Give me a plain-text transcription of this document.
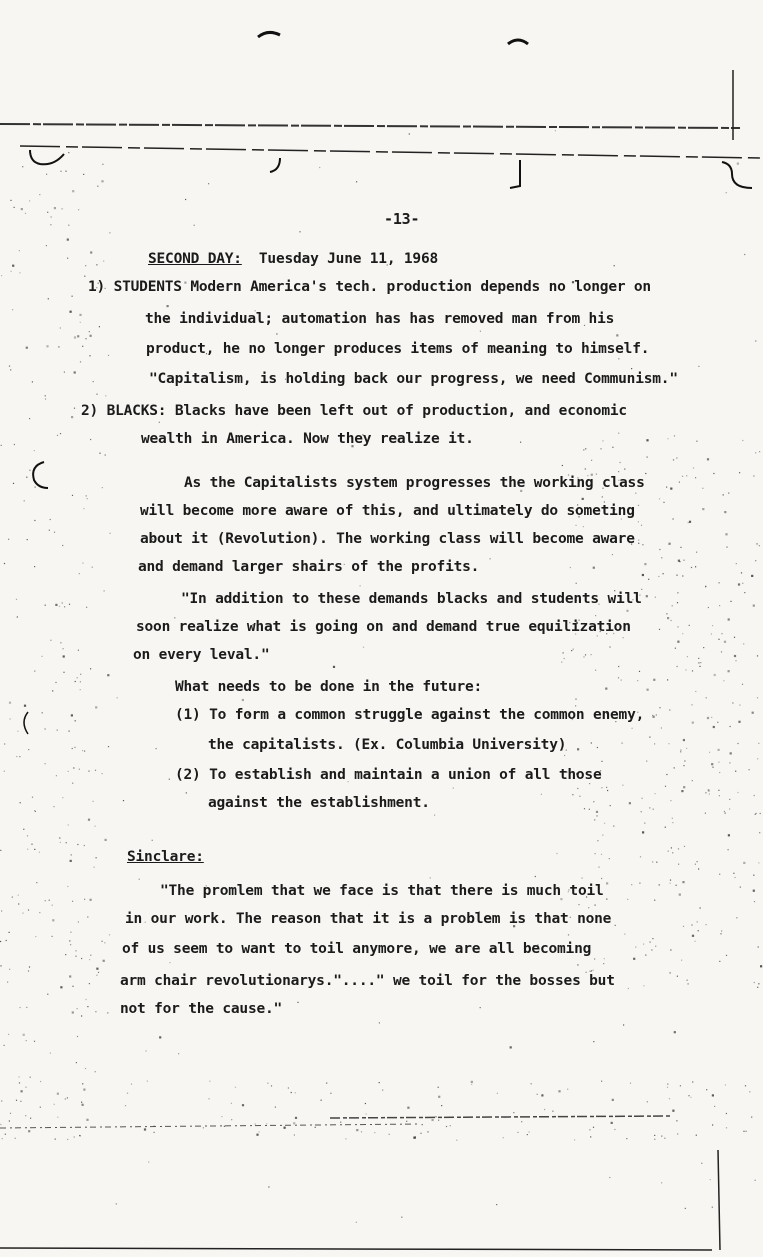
-13-
SECOND DAY: Tuesday June 11, 1968
1) STUDENTS Modern America's tech. production depends no longer on
the individual; automation has has removed man from his
product, he no longer produces items of meaning to himself.
"Capitalism, is holding back our progress, we need Communism."
2) BLACKS: Blacks have been left out of production, and economic
wealth in America. Now they realize it.
As the Capitalists system progresses the working class
will become more aware of this, and ultimately do someting
about it (Revolution). The working class will become aware
and demand larger shairs of the profits.
"In addition to these demands blacks and students will
soon realize what is going on and demand true equilization
on every leval."
What needs to be done in the future:
(1) To form a common struggle against the common enemy,
the capitalists. (Ex. Columbia University)
(2) To establish and maintain a union of all those
against the establishment.
Sinclare:
"The promlem that we face is that there is much toil
in our work. The reason that it is a problem is that none
of us seem to want to toil anymore, we are all becoming
arm chair revolutionarys."...." we toil for the bosses but
not for the cause."
